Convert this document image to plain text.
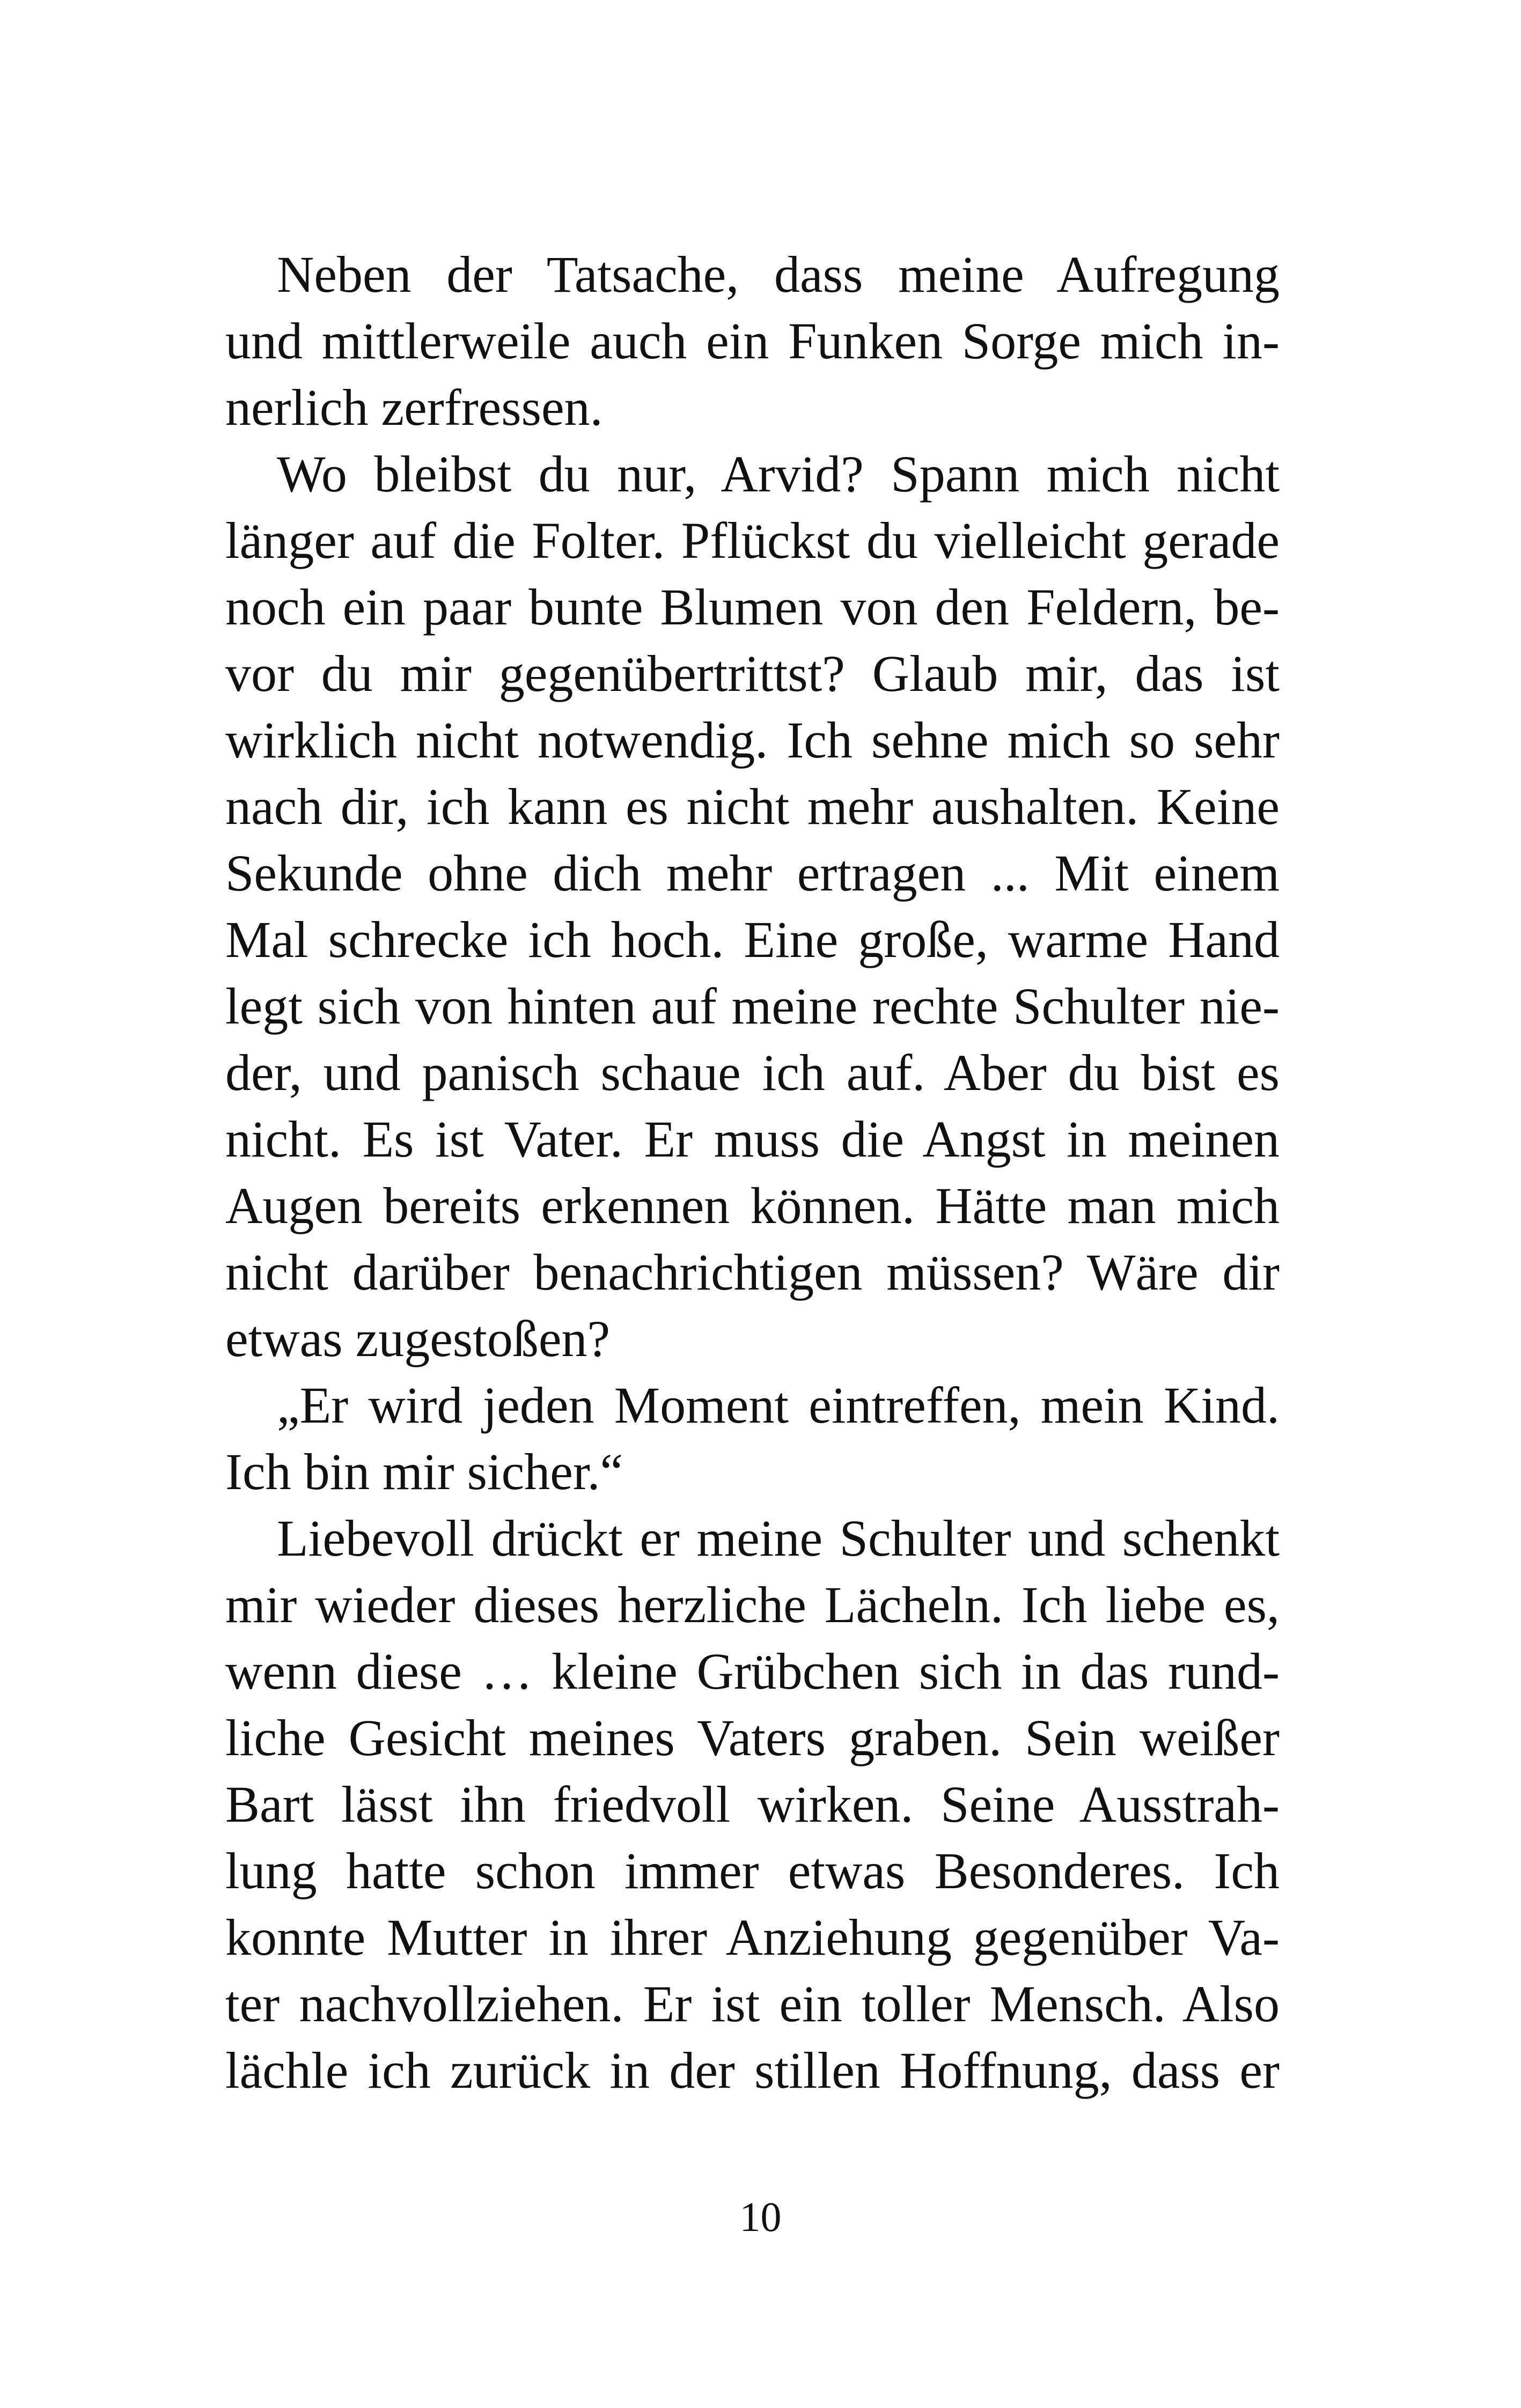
Neben der Tatsache, dass meine Aufregung
und mittlerweile auch ein Funken Sorge mich in-
nerlich zerfressen.
Wo bleibst du nur, Arvid? Spann mich nicht
länger auf die Folter. Pflückst du vielleicht gerade
noch ein paar bunte Blumen von den Feldern, be-
vor du mir gegenübertrittst? Glaub mir, das ist
wirklich nicht notwendig. Ich sehne mich so sehr
nach dir, ich kann es nicht mehr aushalten. Keine
Sekunde ohne dich mehr ertragen ... Mit einem
Mal schrecke ich hoch. Eine große, warme Hand
legt sich von hinten auf meine rechte Schulter nie-
der, und panisch schaue ich auf. Aber du bist es
nicht. Es ist Vater. Er muss die Angst in meinen
Augen bereits erkennen können. Hätte man mich
nicht darüber benachrichtigen müssen? Wäre dir
etwas zugestoßen?
„Er wird jeden Moment eintreffen, mein Kind.
Ich bin mir sicher.“
Liebevoll drückt er meine Schulter und schenkt
mir wieder dieses herzliche Lächeln. Ich liebe es,
wenn diese … kleine Grübchen sich in das rund-
liche Gesicht meines Vaters graben. Sein weißer
Bart lässt ihn friedvoll wirken. Seine Ausstrah-
lung hatte schon immer etwas Besonderes. Ich
konnte Mutter in ihrer Anziehung gegenüber Va-
ter nachvollziehen. Er ist ein toller Mensch. Also
lächle ich zurück in der stillen Hoffnung, dass er
10
